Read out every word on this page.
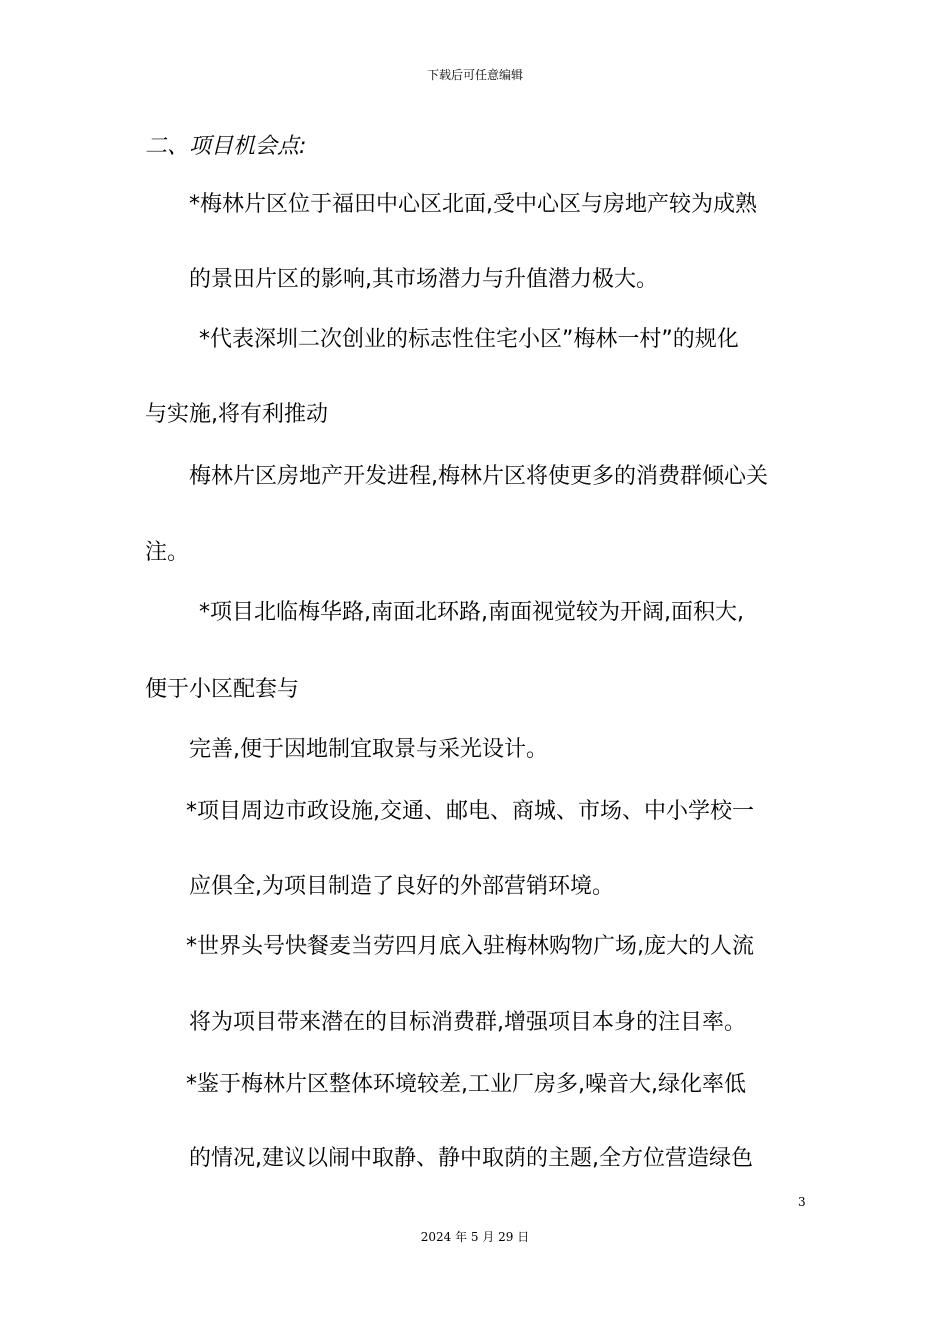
下载后可任意编辑
二、项目机会点:
*梅林片区位于福田中心区北面,受中心区与房地产较为成熟
的景田片区的影响,其市场潜力与升值潜力极大。
*代表深圳二次创业的标志性住宅小区”梅林一村”的规化
与实施,将有利推动
梅林片区房地产开发进程,梅林片区将使更多的消费群倾心关
注。
*项目北临梅华路,南面北环路,南面视觉较为开阔,面积大,
便于小区配套与
完善,便于因地制宜取景与采光设计。
*项目周边市政设施,交通、邮电、商城、市场、中小学校一
应俱全,为项目制造了良好的外部营销环境。
*世界头号快餐麦当劳四月底入驻梅林购物广场,庞大的人流
将为项目带来潜在的目标消费群,增强项目本身的注目率。
*鉴于梅林片区整体环境较差,工业厂房多,噪音大,绿化率低
的情况,建议以闹中取静、静中取荫的主题,全方位营造绿色
3
2024 年 5 月 29 日
